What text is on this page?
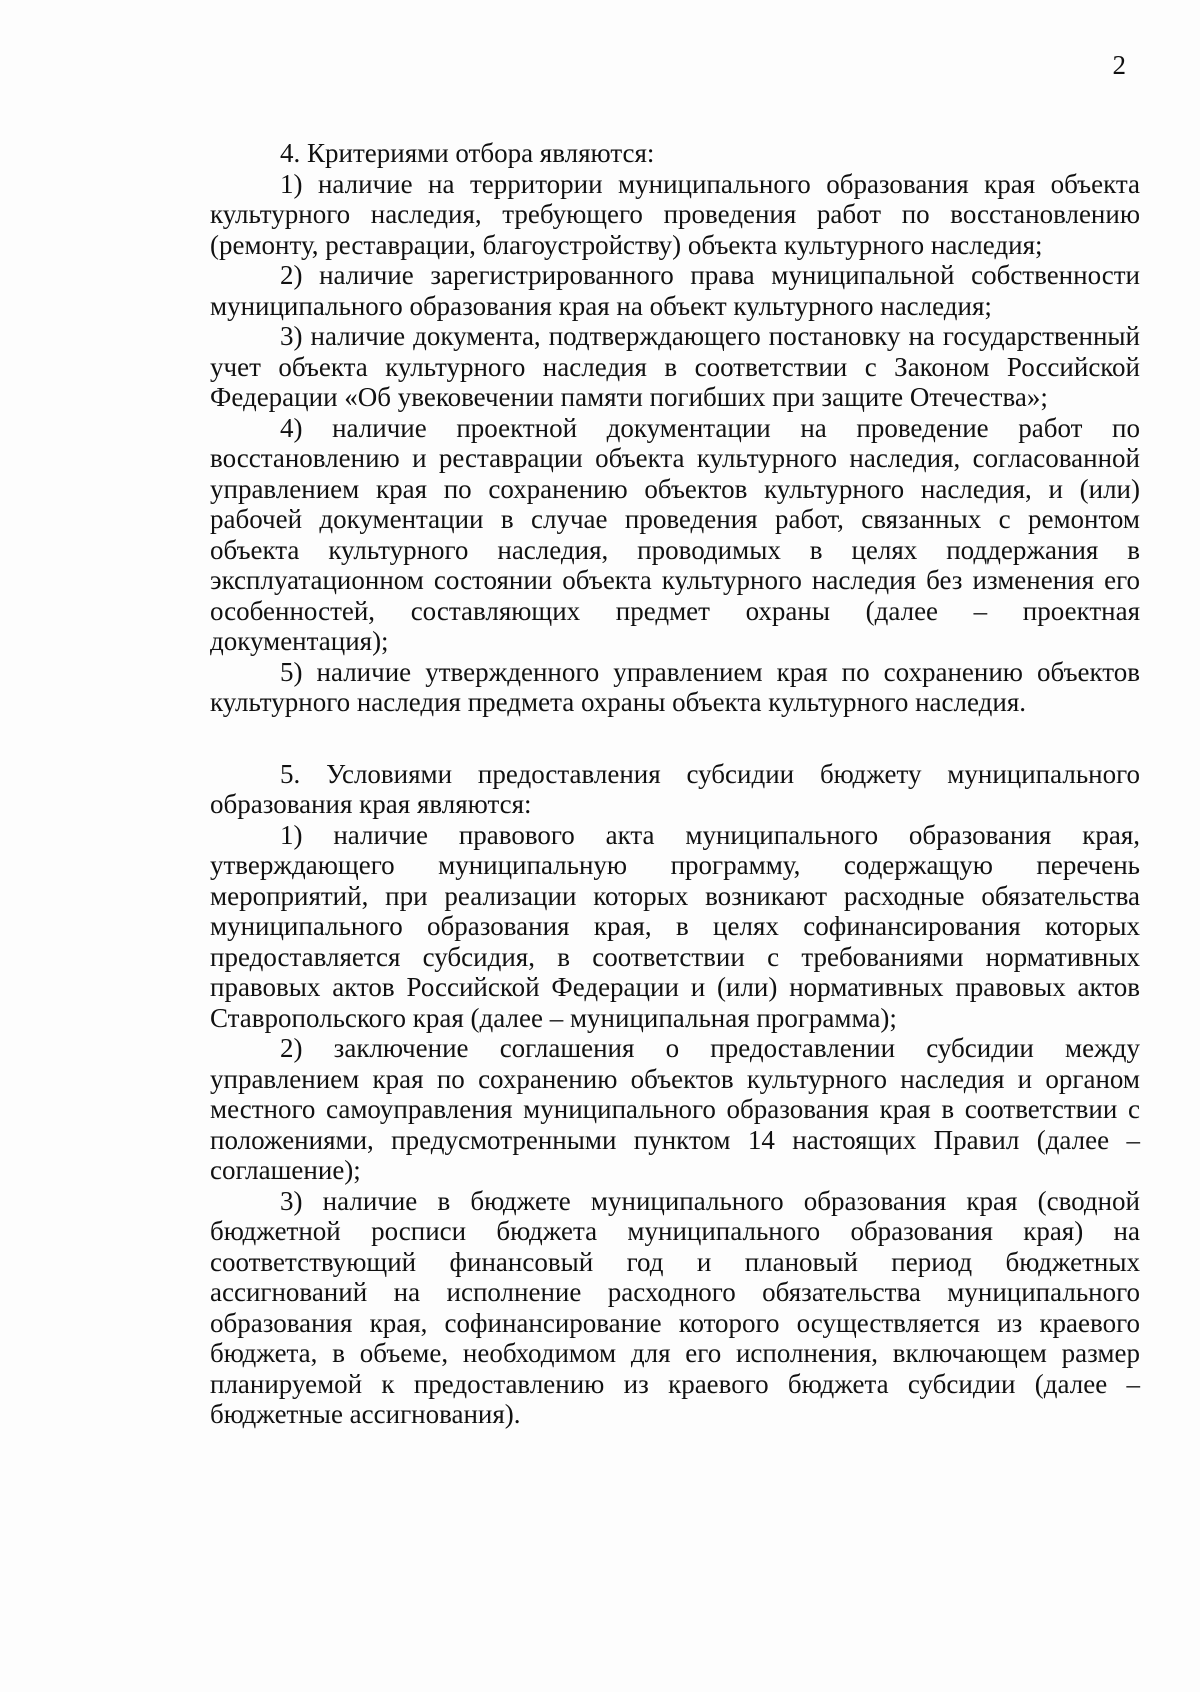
2

4. Критериями отбора являются:

1) наличие на территории муниципального образования края объекта культурного наследия, требующего проведения работ по восстановлению (ремонту, реставрации, благоустройству) объекта культурного наследия;

2) наличие зарегистрированного права муниципальной собственности муниципального образования края на объект культурного наследия;

3) наличие документа, подтверждающего постановку на государственный учет объекта культурного наследия в соответствии с Законом Российской Федерации «Об увековечении памяти погибших при защите Отечества»;

4) наличие проектной документации на проведение работ по восстановлению и реставрации объекта культурного наследия, согласованной управлением края по сохранению объектов культурного наследия, и (или) рабочей документации в случае проведения работ, связанных с ремонтом объекта культурного наследия, проводимых в целях поддержания в эксплуатационном состоянии объекта культурного наследия без изменения его особенностей, составляющих предмет охраны (далее – проектная документация);

5) наличие утвержденного управлением края по сохранению объектов культурного наследия предмета охраны объекта культурного наследия.

5. Условиями предоставления субсидии бюджету муниципального образования края являются:

1) наличие правового акта муниципального образования края, утверждающего муниципальную программу, содержащую перечень мероприятий, при реализации которых возникают расходные обязательства муниципального образования края, в целях софинансирования которых предоставляется субсидия, в соответствии с требованиями нормативных правовых актов Российской Федерации и (или) нормативных правовых актов Ставропольского края (далее – муниципальная программа);

2) заключение соглашения о предоставлении субсидии между управлением края по сохранению объектов культурного наследия и органом местного самоуправления муниципального образования края в соответствии с положениями, предусмотренными пунктом 14 настоящих Правил (далее – соглашение);

3) наличие в бюджете муниципального образования края (сводной бюджетной росписи бюджета муниципального образования края) на соответствующий финансовый год и плановый период бюджетных ассигнований на исполнение расходного обязательства муниципального образования края, софинансирование которого осуществляется из краевого бюджета, в объеме, необходимом для его исполнения, включающем размер планируемой к предоставлению из краевого бюджета субсидии (далее – бюджетные ассигнования).
